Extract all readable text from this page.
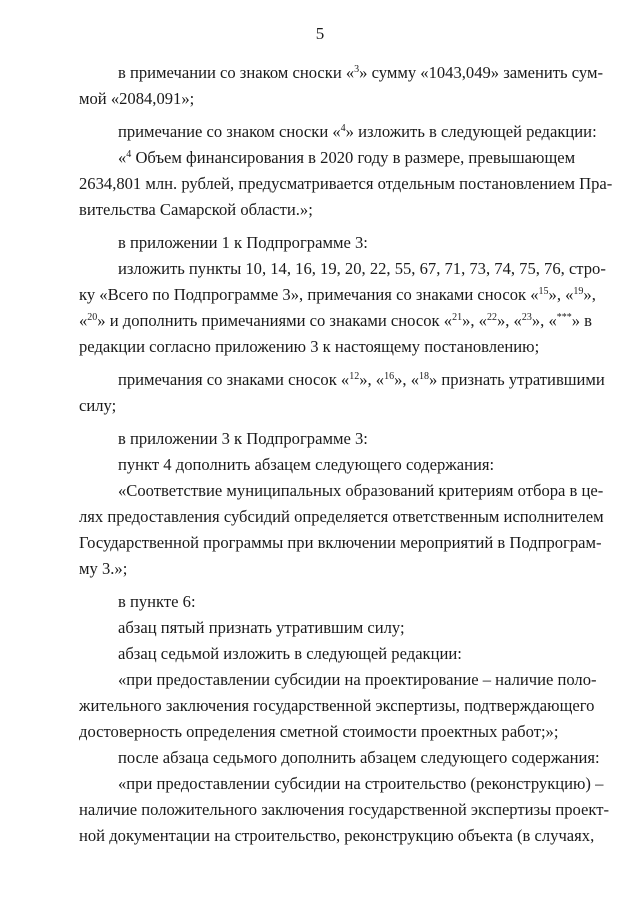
5
в примечании со знаком сноски «$^3$» сумму «1043,049» заменить сум-
мой «2084,091»;
примечание со знаком сноски «$^4$» изложить в следующей редакции:
«$^4$ Объем финансирования в 2020 году в размере, превышающем
2634,801 млн. рублей, предусматривается отдельным постановлением Пра-
вительства Самарской области.»;
в приложении 1 к Подпрограмме 3:
изложить пункты 10, 14, 16, 19, 20, 22, 55, 67, 71, 73, 74, 75, 76, стро-
ку «Всего по Подпрограмме 3», примечания со знаками сносок «$^{15}$», «$^{19}$»,
«$^{20}$» и дополнить примечаниями со знаками сносок «$^{21}$», «$^{22}$», «$^{23}$», «***» в
редакции согласно приложению 3 к настоящему постановлению;
примечания со знаками сносок «$^{12}$», «$^{16}$», «$^{18}$» признать утратившими
силу;
в приложении 3 к Подпрограмме 3:
пункт 4 дополнить абзацем следующего содержания:
«Соответствие муниципальных образований критериям отбора в це-
лях предоставления субсидий определяется ответственным исполнителем
Государственной программы при включении мероприятий в Подпрограм-
му 3.»;
в пункте 6:
абзац пятый признать утратившим силу;
абзац седьмой изложить в следующей редакции:
«при предоставлении субсидии на проектирование – наличие поло-
жительного заключения государственной экспертизы, подтверждающего
достоверность определения сметной стоимости проектных работ;»;
после абзаца седьмого дополнить абзацем следующего содержания:
«при предоставлении субсидии на строительство (реконструкцию) –
наличие положительного заключения государственной экспертизы проект-
ной документации на строительство, реконструкцию объекта (в случаях,
